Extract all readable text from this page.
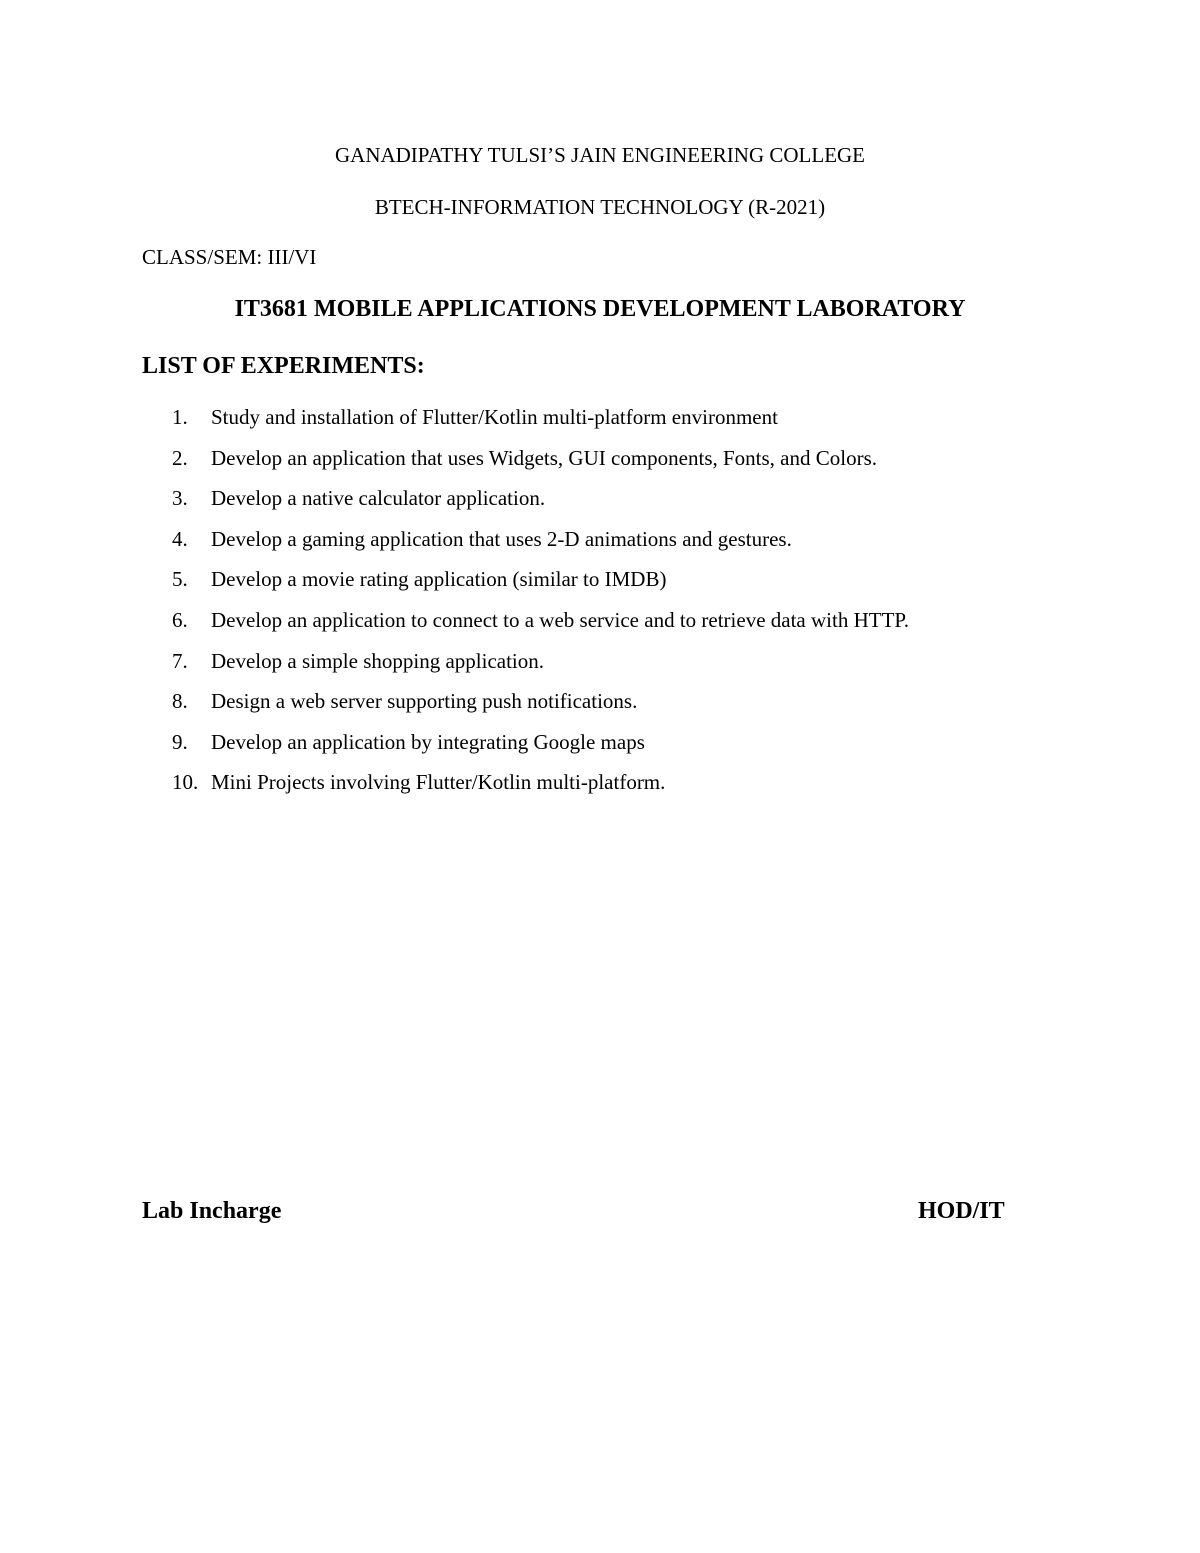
GANADIPATHY TULSI’S JAIN ENGINEERING COLLEGE
BTECH-INFORMATION TECHNOLOGY (R-2021)
CLASS/SEM: III/VI
IT3681 MOBILE APPLICATIONS DEVELOPMENT LABORATORY
LIST OF EXPERIMENTS:
1.	Study and installation of Flutter/Kotlin multi-platform environment
2.	Develop an application that uses Widgets, GUI components, Fonts, and Colors.
3.	Develop a native calculator application.
4.	Develop a gaming application that uses 2-D animations and gestures.
5.	Develop a movie rating application (similar to IMDB)
6.	Develop an application to connect to a web service and to retrieve data with HTTP.
7.	Develop a simple shopping application.
8.	Design a web server supporting push notifications.
9.	Develop an application by integrating Google maps
10. Mini Projects involving Flutter/Kotlin multi-platform.
Lab Incharge	HOD/IT
